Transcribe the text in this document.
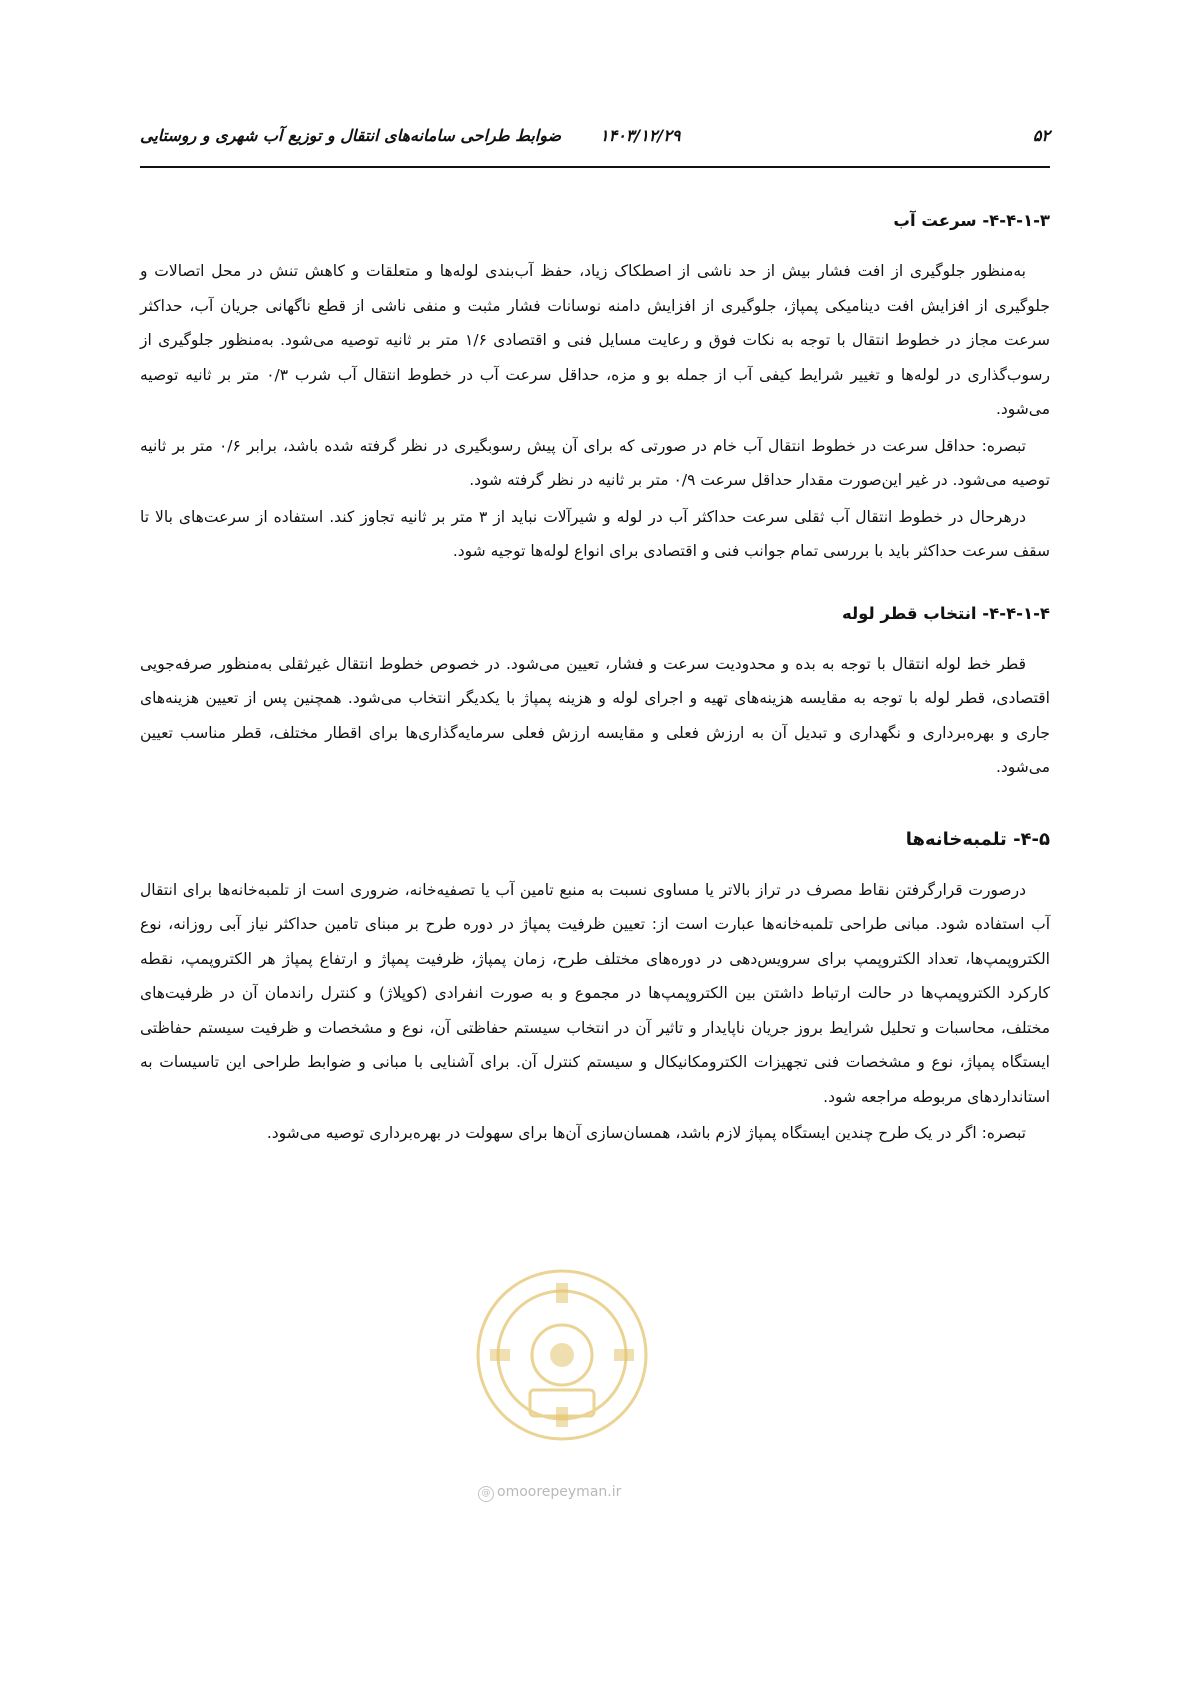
۵۲
۱۴۰۳/۱۲/۲۹
ضوابط طراحی سامانه‌های انتقال و توزیع آب شهری و روستایی
۴-۴-۱-۳- سرعت آب

به‌منظور جلوگیری از افت فشار بیش از حد ناشی از اصطکاک زیاد، حفظ آب‌بندی لوله‌ها و متعلقات و کاهش تنش در محل اتصالات و جلوگیری از افزایش افت دینامیکی پمپاژ، جلوگیری از افزایش دامنه نوسانات فشار مثبت و منفی ناشی از قطع ناگهانی جریان آب، حداکثر سرعت مجاز در خطوط انتقال با توجه به نکات فوق و رعایت مسایل فنی و اقتصادی ۱/۶ متر بر ثانیه توصیه می‌شود. به‌منظور جلوگیری از رسوب‌گذاری در لوله‌ها و تغییر شرایط کیفی آب از جمله بو و مزه، حداقل سرعت آب در خطوط انتقال آب شرب ۰/۳ متر بر ثانیه توصیه می‌شود.

تبصره: حداقل سرعت در خطوط انتقال آب خام در صورتی که برای آن پیش رسوبگیری در نظر گرفته شده باشد، برابر ۰/۶ متر بر ثانیه توصیه می‌شود. در غیر این‌صورت مقدار حداقل سرعت ۰/۹ متر بر ثانیه در نظر گرفته شود.

درهرحال در خطوط انتقال آب ثقلی سرعت حداکثر آب در لوله و شیرآلات نباید از ۳ متر بر ثانیه تجاوز کند. استفاده از سرعت‌های بالا تا سقف سرعت حداکثر باید با بررسی تمام جوانب فنی و اقتصادی برای انواع لوله‌ها توجیه شود.

۴-۴-۱-۴- انتخاب قطر لوله

قطر خط لوله انتقال با توجه به بده و محدودیت سرعت و فشار، تعیین می‌شود. در خصوص خطوط انتقال غیرثقلی به‌منظور صرفه‌جویی اقتصادی، قطر لوله با توجه به مقایسه هزینه‌های تهیه و اجرای لوله و هزینه پمپاژ با یکدیگر انتخاب می‌شود. همچنین پس از تعیین هزینه‌های جاری و بهره‌برداری و نگهداری و تبدیل آن به ارزش فعلی و مقایسه ارزش فعلی سرمایه‌گذاری‌ها برای اقطار مختلف، قطر مناسب تعیین می‌شود.

۴-۵- تلمبه‌خانه‌ها

درصورت قرارگرفتن نقاط مصرف در تراز بالاتر یا مساوی نسبت به منبع تامین آب یا تصفیه‌خانه، ضروری است از تلمبه‌خانه‌ها برای انتقال آب استفاده شود. مبانی طراحی تلمبه‌خانه‌ها عبارت است از: تعیین ظرفیت پمپاژ در دوره طرح بر مبنای تامین حداکثر نیاز آبی روزانه، نوع الکتروپمپ‌ها، تعداد الکتروپمپ برای سرویس‌دهی در دوره‌های مختلف طرح، زمان پمپاژ، ظرفیت پمپاژ و ارتفاع پمپاژ هر الکتروپمپ، نقطه کارکرد الکتروپمپ‌ها در حالت ارتباط داشتن بین الکتروپمپ‌ها در مجموع و به صورت انفرادی (کوپلاژ) و کنترل راندمان آن در ظرفیت‌های مختلف، محاسبات و تحلیل شرایط بروز جریان ناپایدار و تاثیر آن در انتخاب سیستم حفاظتی آن، نوع و مشخصات و ظرفیت سیستم حفاظتی ایستگاه پمپاژ، نوع و مشخصات فنی تجهیزات الکترومکانیکال و سیستم کنترل آن. برای آشنایی با مبانی و ضوابط طراحی این تاسیسات به استانداردهای مربوطه مراجعه شود.

تبصره: اگر در یک طرح چندین ایستگاه پمپاژ لازم باشد، همسان‌سازی آن‌ها برای سهولت در بهره‌برداری توصیه می‌شود.

@ omoorepeyman.ir
